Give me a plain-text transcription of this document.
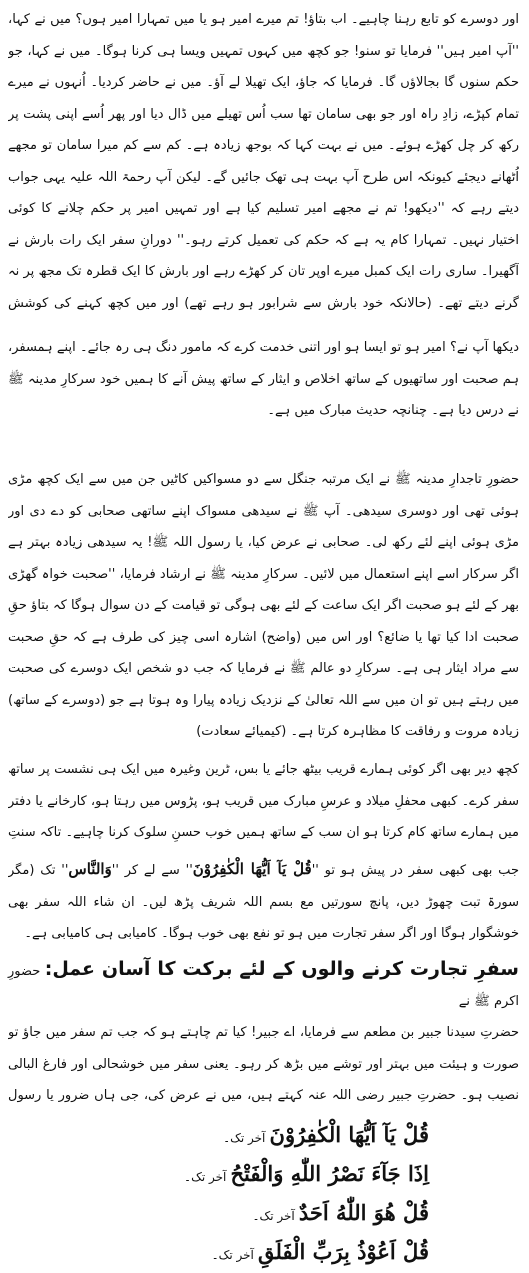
اور دوسرے کو تابع رہنا چاہیے۔ اب بتاؤ! تم میرے امیر ہو یا میں تمہارا امیر ہوں؟ میں نے کہا، ''آپ امیر ہیں'' فرمایا تو سنو! جو کچھ میں کہوں تمہیں ویسا ہی کرنا ہوگا۔ میں نے کہا، جو حکم سنوں گا بجالاؤں گا۔ فرمایا کہ جاؤ، ایک تھیلا لے آؤ۔ میں نے حاضر کردیا۔ اُنہوں نے میرے تمام کپڑے، زادِ راہ اور جو بھی سامان تھا سب اُس تھیلے میں ڈال دیا اور پھر اُسے اپنی پشت پر رکھ کر چل کھڑے ہوئے۔ میں نے بہت کہا کہ بوجھ زیادہ ہے۔ کم سے کم میرا سامان تو مجھے اُٹھانے دیجئے کیونکہ اس طرح آپ بہت ہی تھک جائیں گے۔ لیکن آپ رحمۃ اللہ علیہ یہی جواب دیتے رہے کہ ''دیکھو! تم نے مجھے امیر تسلیم کیا ہے اور تمہیں امیر پر حکم چلانے کا کوئی اختیار نہیں۔ تمہارا کام یہ ہے کہ حکم کی تعمیل کرتے رہو۔'' دورانِ سفر ایک رات بارش نے آگھیرا۔ ساری رات ایک کمبل میرے اوپر تان کر کھڑے رہے اور بارش کا ایک قطرہ تک مجھ پر نہ گرنے دیتے تھے۔ (حالانکہ خود بارش سے شرابور ہو رہے تھے) اور میں کچھ کہنے کی کوشش

دیکھا آپ نے؟ امیر ہو تو ایسا ہو اور اتنی خدمت کرے کہ مامور دنگ ہی رہ جائے۔ اپنے ہمسفر، ہم صحبت اور ساتھیوں کے ساتھ اخلاص و ایثار کے ساتھ پیش آنے کا ہمیں خود سرکارِ مدینہ ﷺ نے درس دیا ہے۔ چنانچہ حدیث مبارک میں ہے۔

حضورِ تاجدارِ مدینہ ﷺ نے ایک مرتبہ جنگل سے دو مسواکیں کاٹیں جن میں سے ایک کچھ مڑی ہوئی تھی اور دوسری سیدھی۔ آپ ﷺ نے سیدھی مسواک اپنے ساتھی صحابی کو دے دی اور مڑی ہوئی اپنے لئے رکھ لی۔ صحابی نے عرض کیا، یا رسول اللہ ﷺ! یہ سیدھی زیادہ بہتر ہے اگر سرکار اسے اپنے استعمال میں لائیں۔ سرکارِ مدینہ ﷺ نے ارشاد فرمایا، ''صحبت خواہ گھڑی بھر کے لئے ہو صحبت اگر ایک ساعت کے لئے بھی ہوگی تو قیامت کے دن سوال ہوگا کہ بتاؤ حقِ صحبت ادا کیا تھا یا ضائع؟ اور اس میں (واضح) اشارہ اسی چیز کی طرف ہے کہ حقِ صحبت سے مراد ایثار ہی ہے۔ سرکارِ دو عالم ﷺ نے فرمایا کہ جب دو شخص ایک دوسرے کی صحبت میں رہتے ہیں تو ان میں سے اللہ تعالیٰ کے نزدیک زیادہ پیارا وہ ہوتا ہے جو (دوسرے کے ساتھ) زیادہ مروت و رفاقت کا مظاہرہ کرتا ہے۔ (کیمیائے سعادت)

کچھ دیر بھی اگر کوئی ہمارے قریب بیٹھ جائے یا بس، ٹرین وغیرہ میں ایک ہی نشست پر ساتھ سفر کرے۔ کبھی محفلِ میلاد و عرسِ مبارک میں قریب ہو، پڑوس میں رہتا ہو، کارخانے یا دفتر میں ہمارے ساتھ کام کرتا ہو ان سب کے ساتھ ہمیں خوب حسنِ سلوک کرنا چاہیے۔ تاکہ سنتِ

جب بھی کبھی سفر در پیش ہو تو ''قُلْ يَآ اَيُّهَا الْكٰفِرُوْنَ'' سے لے کر ''وَالنَّاس'' تک (مگر سورۃ تبت چھوڑ دیں، پانچ سورتیں مع بسم اللہ شریف پڑھ لیں۔ ان شاء اللہ سفر بھی خوشگوار ہوگا اور اگر سفر تجارت میں ہو تو نفع بھی خوب ہوگا۔ کامیابی ہی کامیابی ہے۔

سفرِ تجارت کرنے والوں کے لئے برکت کا آسان عمل: حضورِ اکرم ﷺ نے

حضرتِ سیدنا جبیر بن مطعم سے فرمایا، اے جبیر! کیا تم چاہتے ہو کہ جب تم سفر میں جاؤ تو صورت و ہیئت میں بہتر اور توشے میں بڑھ کر رہو۔ یعنی سفر میں خوشحالی اور فارغ البالی نصیب ہو۔ حضرتِ جبیر رضی اللہ عنہ کہتے ہیں، میں نے عرض کی، جی ہاں ضرور یا رسول

قُلْ يَآ اَيُّهَا الْكٰفِرُوْنَ آخر تک۔
اِذَا جَآءَ نَصْرُ اللّٰهِ وَالْفَتْحُ آخر تک۔
قُلْ هُوَ اللّٰهُ اَحَدٌ آخر تک۔
قُلْ اَعُوْذُ بِرَبِّ الْفَلَقِ آخر تک۔
